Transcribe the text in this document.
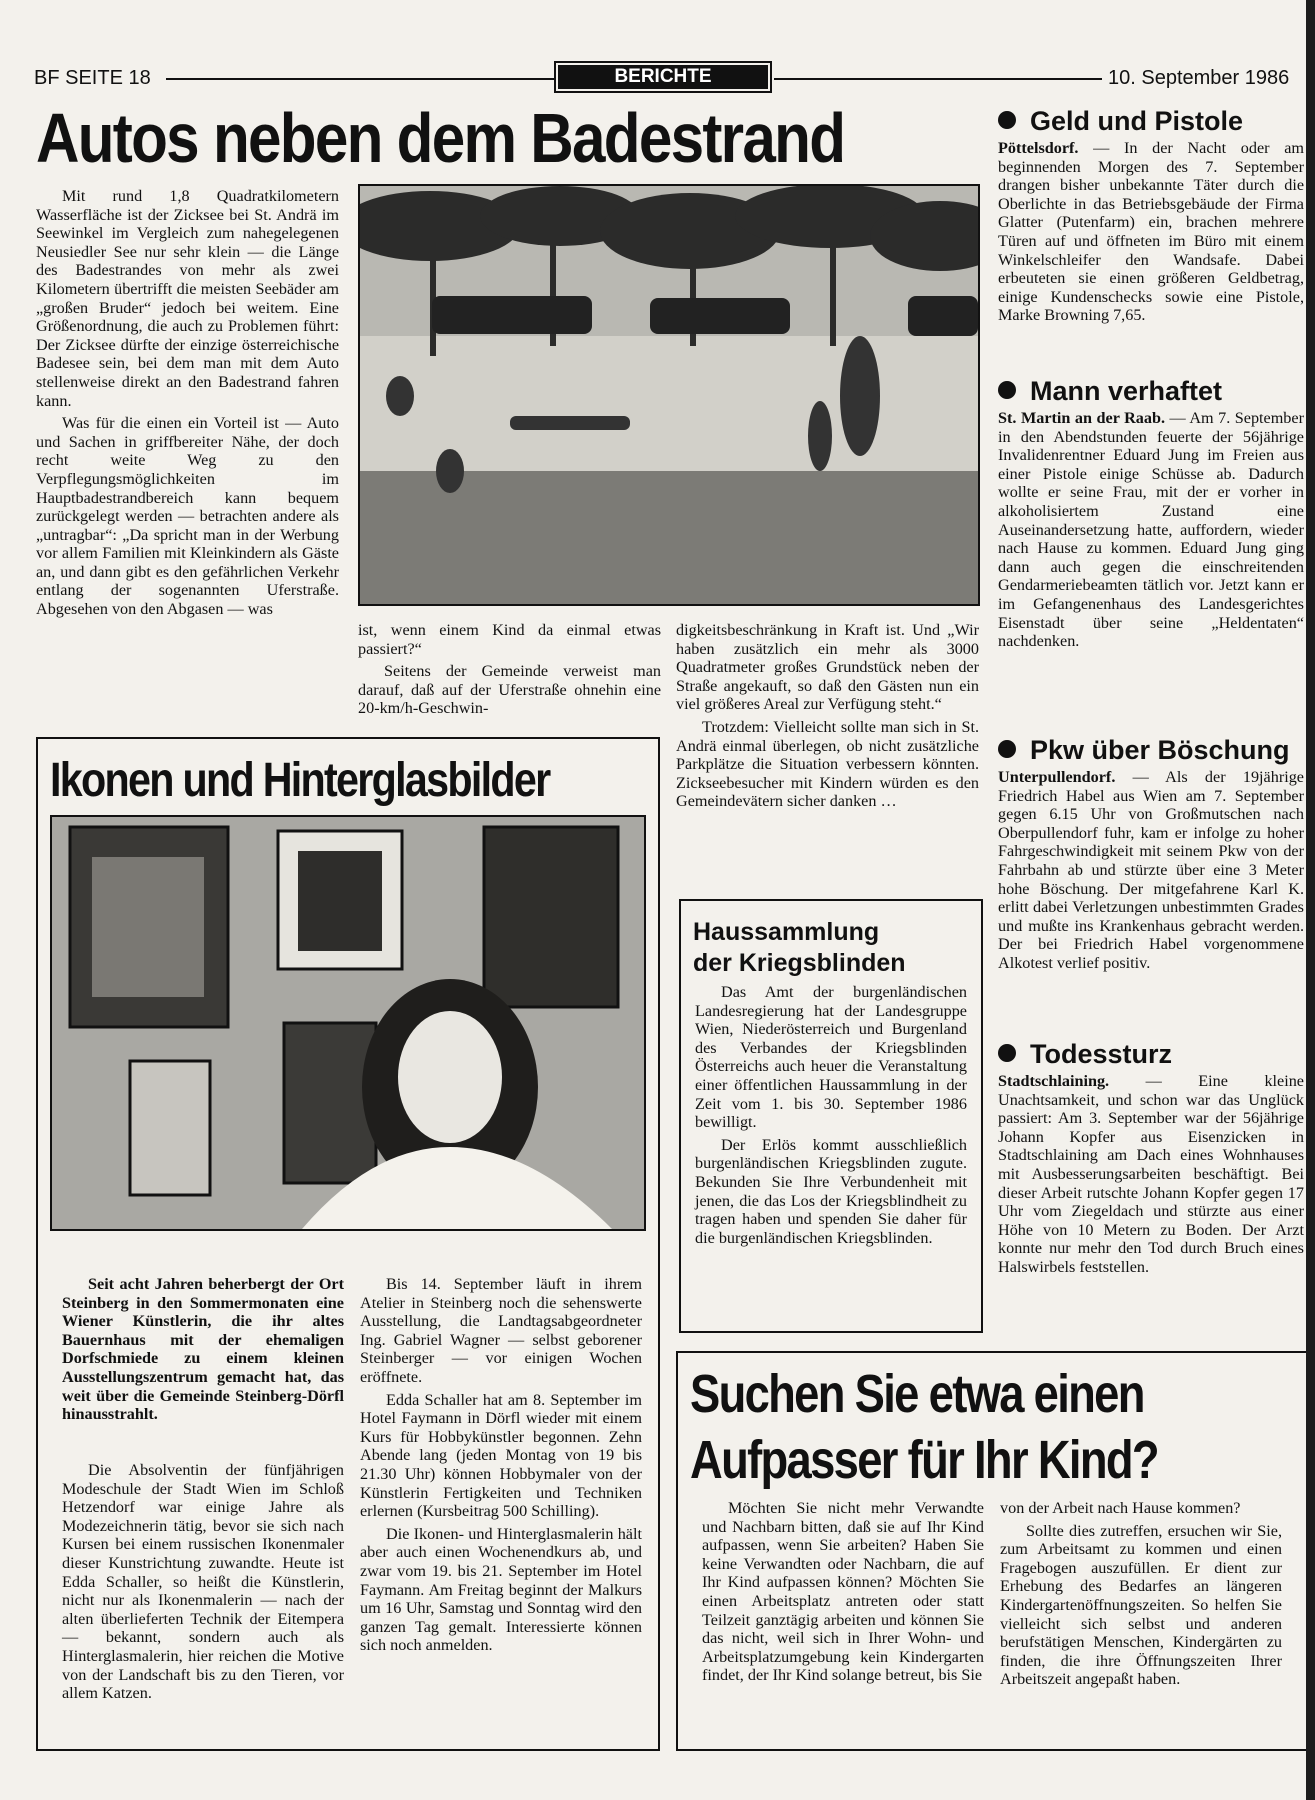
BF SEITE 18	BERICHTE	10. September 1986
Autos neben dem Badestrand

Mit rund 1,8 Quadratkilometern Wasserfläche ist der Zicksee bei St. Andrä im Seewinkel im Vergleich zum nahegelegenen Neusiedler See nur sehr klein — die Länge des Badestrandes von mehr als zwei Kilometern übertrifft die meisten Seebäder am „großen Bruder“ jedoch bei weitem. Eine Größenordnung, die auch zu Problemen führt: Der Zicksee dürfte der einzige österreichische Badesee sein, bei dem man mit dem Auto stellenweise direkt an den Badestrand fahren kann.

Was für die einen ein Vorteil ist — Auto und Sachen in griffbereiter Nähe, der doch recht weite Weg zu den Verpflegungsmöglichkeiten im Hauptbadestrandbereich kann bequem zurückgelegt werden — betrachten andere als „untragbar“: „Da spricht man in der Werbung vor allem Familien mit Kleinkindern als Gäste an, und dann gibt es den gefährlichen Verkehr entlang der sogenannten Uferstraße. Abgesehen von den Abgasen — was

ist, wenn einem Kind da einmal etwas passiert?“

Seitens der Gemeinde verweist man darauf, daß auf der Uferstraße ohnehin eine 20-km/h-Geschwin-

digkeitsbeschränkung in Kraft ist. Und „Wir haben zusätzlich ein mehr als 3000 Quadratmeter großes Grundstück neben der Straße angekauft, so daß den Gästen nun ein viel größeres Areal zur Verfügung steht.“

Trotzdem: Vielleicht sollte man sich in St. Andrä einmal überlegen, ob nicht zusätzliche Parkplätze die Situation verbessern könnten. Zickseebesucher mit Kindern würden es den Gemeindevätern sicher danken …

Ikonen und Hinterglasbilder

Seit acht Jahren beherbergt der Ort Steinberg in den Sommermonaten eine Wiener Künstlerin, die ihr altes Bauernhaus mit der ehemaligen Dorfschmiede zu einem kleinen Ausstellungszentrum gemacht hat, das weit über die Gemeinde Steinberg-Dörfl hinausstrahlt.

Die Absolventin der fünfjährigen Modeschule der Stadt Wien im Schloß Hetzendorf war einige Jahre als Modezeichnerin tätig, bevor sie sich nach Kursen bei einem russischen Ikonenmaler dieser Kunstrichtung zuwandte. Heute ist Edda Schaller, so heißt die Künstlerin, nicht nur als Ikonenmalerin — nach der alten überlieferten Technik der Eitempera — bekannt, sondern auch als Hinterglasmalerin, hier reichen die Motive von der Landschaft bis zu den Tieren, vor allem Katzen.

Bis 14. September läuft in ihrem Atelier in Steinberg noch die sehenswerte Ausstellung, die Landtagsabgeordneter Ing. Gabriel Wagner — selbst geborener Steinberger — vor einigen Wochen eröffnete.

Edda Schaller hat am 8. September im Hotel Faymann in Dörfl wieder mit einem Kurs für Hobbykünstler begonnen. Zehn Abende lang (jeden Montag von 19 bis 21.30 Uhr) können Hobbymaler von der Künstlerin Fertigkeiten und Techniken erlernen (Kursbeitrag 500 Schilling).

Die Ikonen- und Hinterglasmalerin hält aber auch einen Wochenendkurs ab, und zwar vom 19. bis 21. September im Hotel Faymann. Am Freitag beginnt der Malkurs um 16 Uhr, Samstag und Sonntag wird den ganzen Tag gemalt. Interessierte können sich noch anmelden.

Haussammlung
der Kriegsblinden

Das Amt der burgenländischen Landesregierung hat der Landesgruppe Wien, Niederösterreich und Burgenland des Verbandes der Kriegsblinden Österreichs auch heuer die Veranstaltung einer öffentlichen Haussammlung in der Zeit vom 1. bis 30. September 1986 bewilligt.

Der Erlös kommt ausschließlich burgenländischen Kriegsblinden zugute. Bekunden Sie Ihre Verbundenheit mit jenen, die das Los der Kriegsblindheit zu tragen haben und spenden Sie daher für die burgenländischen Kriegsblinden.

Geld und Pistole
Pöttelsdorf. — In der Nacht oder am beginnenden Morgen des 7. September drangen bisher unbekannte Täter durch die Oberlichte in das Betriebsgebäude der Firma Glatter (Putenfarm) ein, brachen mehrere Türen auf und öffneten im Büro mit einem Winkelschleifer den Wandsafe. Dabei erbeuteten sie einen größeren Geldbetrag, einige Kundenschecks sowie eine Pistole, Marke Browning 7,65.
Mann verhaftet
St. Martin an der Raab. — Am 7. September in den Abendstunden feuerte der 56jährige Invalidenrentner Eduard Jung im Freien aus einer Pistole einige Schüsse ab. Dadurch wollte er seine Frau, mit der er vorher in alkoholisiertem Zustand eine Auseinandersetzung hatte, auffordern, wieder nach Hause zu kommen. Eduard Jung ging dann auch gegen die einschreitenden Gendarmeriebeamten tätlich vor. Jetzt kann er im Gefangenenhaus des Landesgerichtes Eisenstadt über seine „Heldentaten“ nachdenken.
Pkw über Böschung
Unterpullendorf. — Als der 19jährige Friedrich Habel aus Wien am 7. September gegen 6.15 Uhr von Großmutschen nach Oberpullendorf fuhr, kam er infolge zu hoher Fahrgeschwindigkeit mit seinem Pkw von der Fahrbahn ab und stürzte über eine 3 Meter hohe Böschung. Der mitgefahrene Karl K. erlitt dabei Verletzungen unbestimmten Grades und mußte ins Krankenhaus gebracht werden. Der bei Friedrich Habel vorgenommene Alkotest verlief positiv.
Todessturz
Stadtschlaining. — Eine kleine Unachtsamkeit, und schon war das Unglück passiert: Am 3. September war der 56jährige Johann Kopfer aus Eisenzicken in Stadtschlaining am Dach eines Wohnhauses mit Ausbesserungsarbeiten beschäftigt. Bei dieser Arbeit rutschte Johann Kopfer gegen 17 Uhr vom Ziegeldach und stürzte aus einer Höhe von 10 Metern zu Boden. Der Arzt konnte nur mehr den Tod durch Bruch eines Halswirbels feststellen.
Suchen Sie etwa einen
Aufpasser für Ihr Kind?

Möchten Sie nicht mehr Verwandte und Nachbarn bitten, daß sie auf Ihr Kind aufpassen, wenn Sie arbeiten? Haben Sie keine Verwandten oder Nachbarn, die auf Ihr Kind aufpassen können? Möchten Sie einen Arbeitsplatz antreten oder statt Teilzeit ganztägig arbeiten und können Sie das nicht, weil sich in Ihrer Wohn- und Arbeitsplatzumgebung kein Kindergarten findet, der Ihr Kind solange betreut, bis Sie

von der Arbeit nach Hause kommen?

Sollte dies zutreffen, ersuchen wir Sie, zum Arbeitsamt zu kommen und einen Fragebogen auszufüllen. Er dient zur Erhebung des Bedarfes an längeren Kindergartenöffnungszeiten. So helfen Sie vielleicht sich selbst und anderen berufstätigen Menschen, Kindergärten zu finden, die ihre Öffnungszeiten Ihrer Arbeitszeit angepaßt haben.
